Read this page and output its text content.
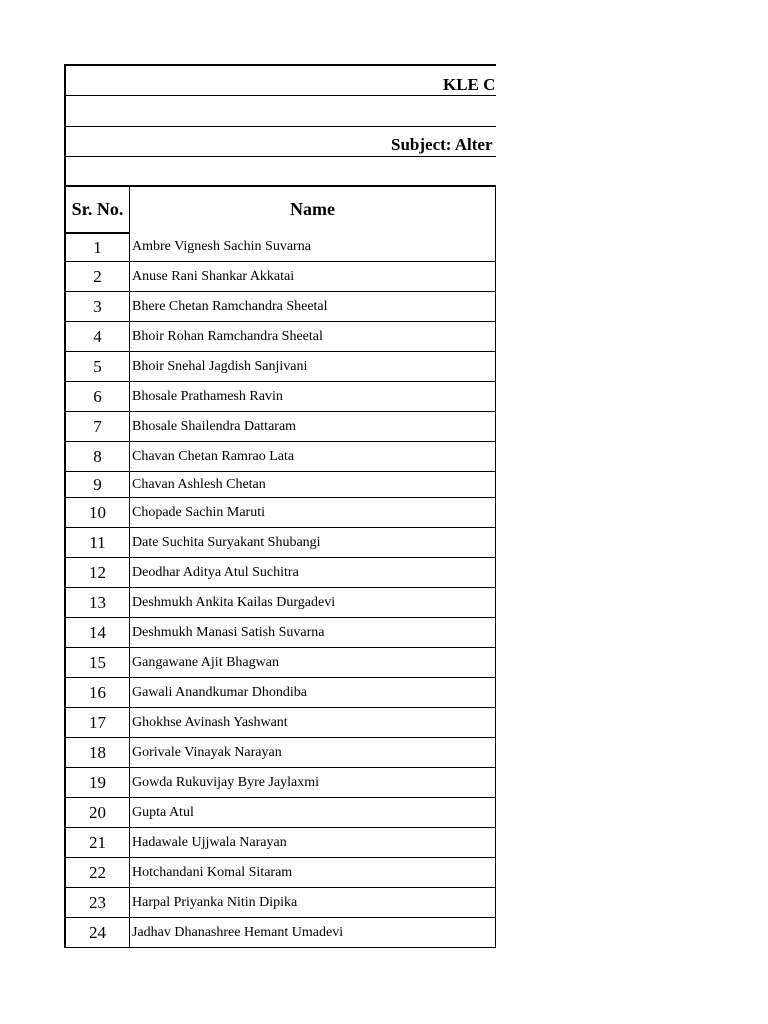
KLE C
Subject: Alter
Sr. No.	Name
1	Ambre Vignesh Sachin Suvarna
2	Anuse Rani Shankar Akkatai
3	Bhere Chetan Ramchandra Sheetal
4	Bhoir Rohan Ramchandra Sheetal
5	Bhoir Snehal Jagdish Sanjivani
6	Bhosale Prathamesh Ravin
7	Bhosale Shailendra Dattaram
8	Chavan Chetan Ramrao Lata
9	Chavan Ashlesh Chetan
10	Chopade Sachin Maruti
11	Date Suchita Suryakant Shubangi
12	Deodhar Aditya Atul Suchitra
13	Deshmukh Ankita Kailas Durgadevi
14	Deshmukh Manasi Satish Suvarna
15	Gangawane Ajit Bhagwan
16	Gawali Anandkumar Dhondiba
17	Ghokhse Avinash Yashwant
18	Gorivale Vinayak Narayan
19	Gowda Rukuvijay Byre Jaylaxmi
20	Gupta Atul
21	Hadawale Ujjwala Narayan
22	Hotchandani Komal Sitaram
23	Harpal Priyanka Nitin Dipika
24	Jadhav Dhanashree Hemant Umadevi
